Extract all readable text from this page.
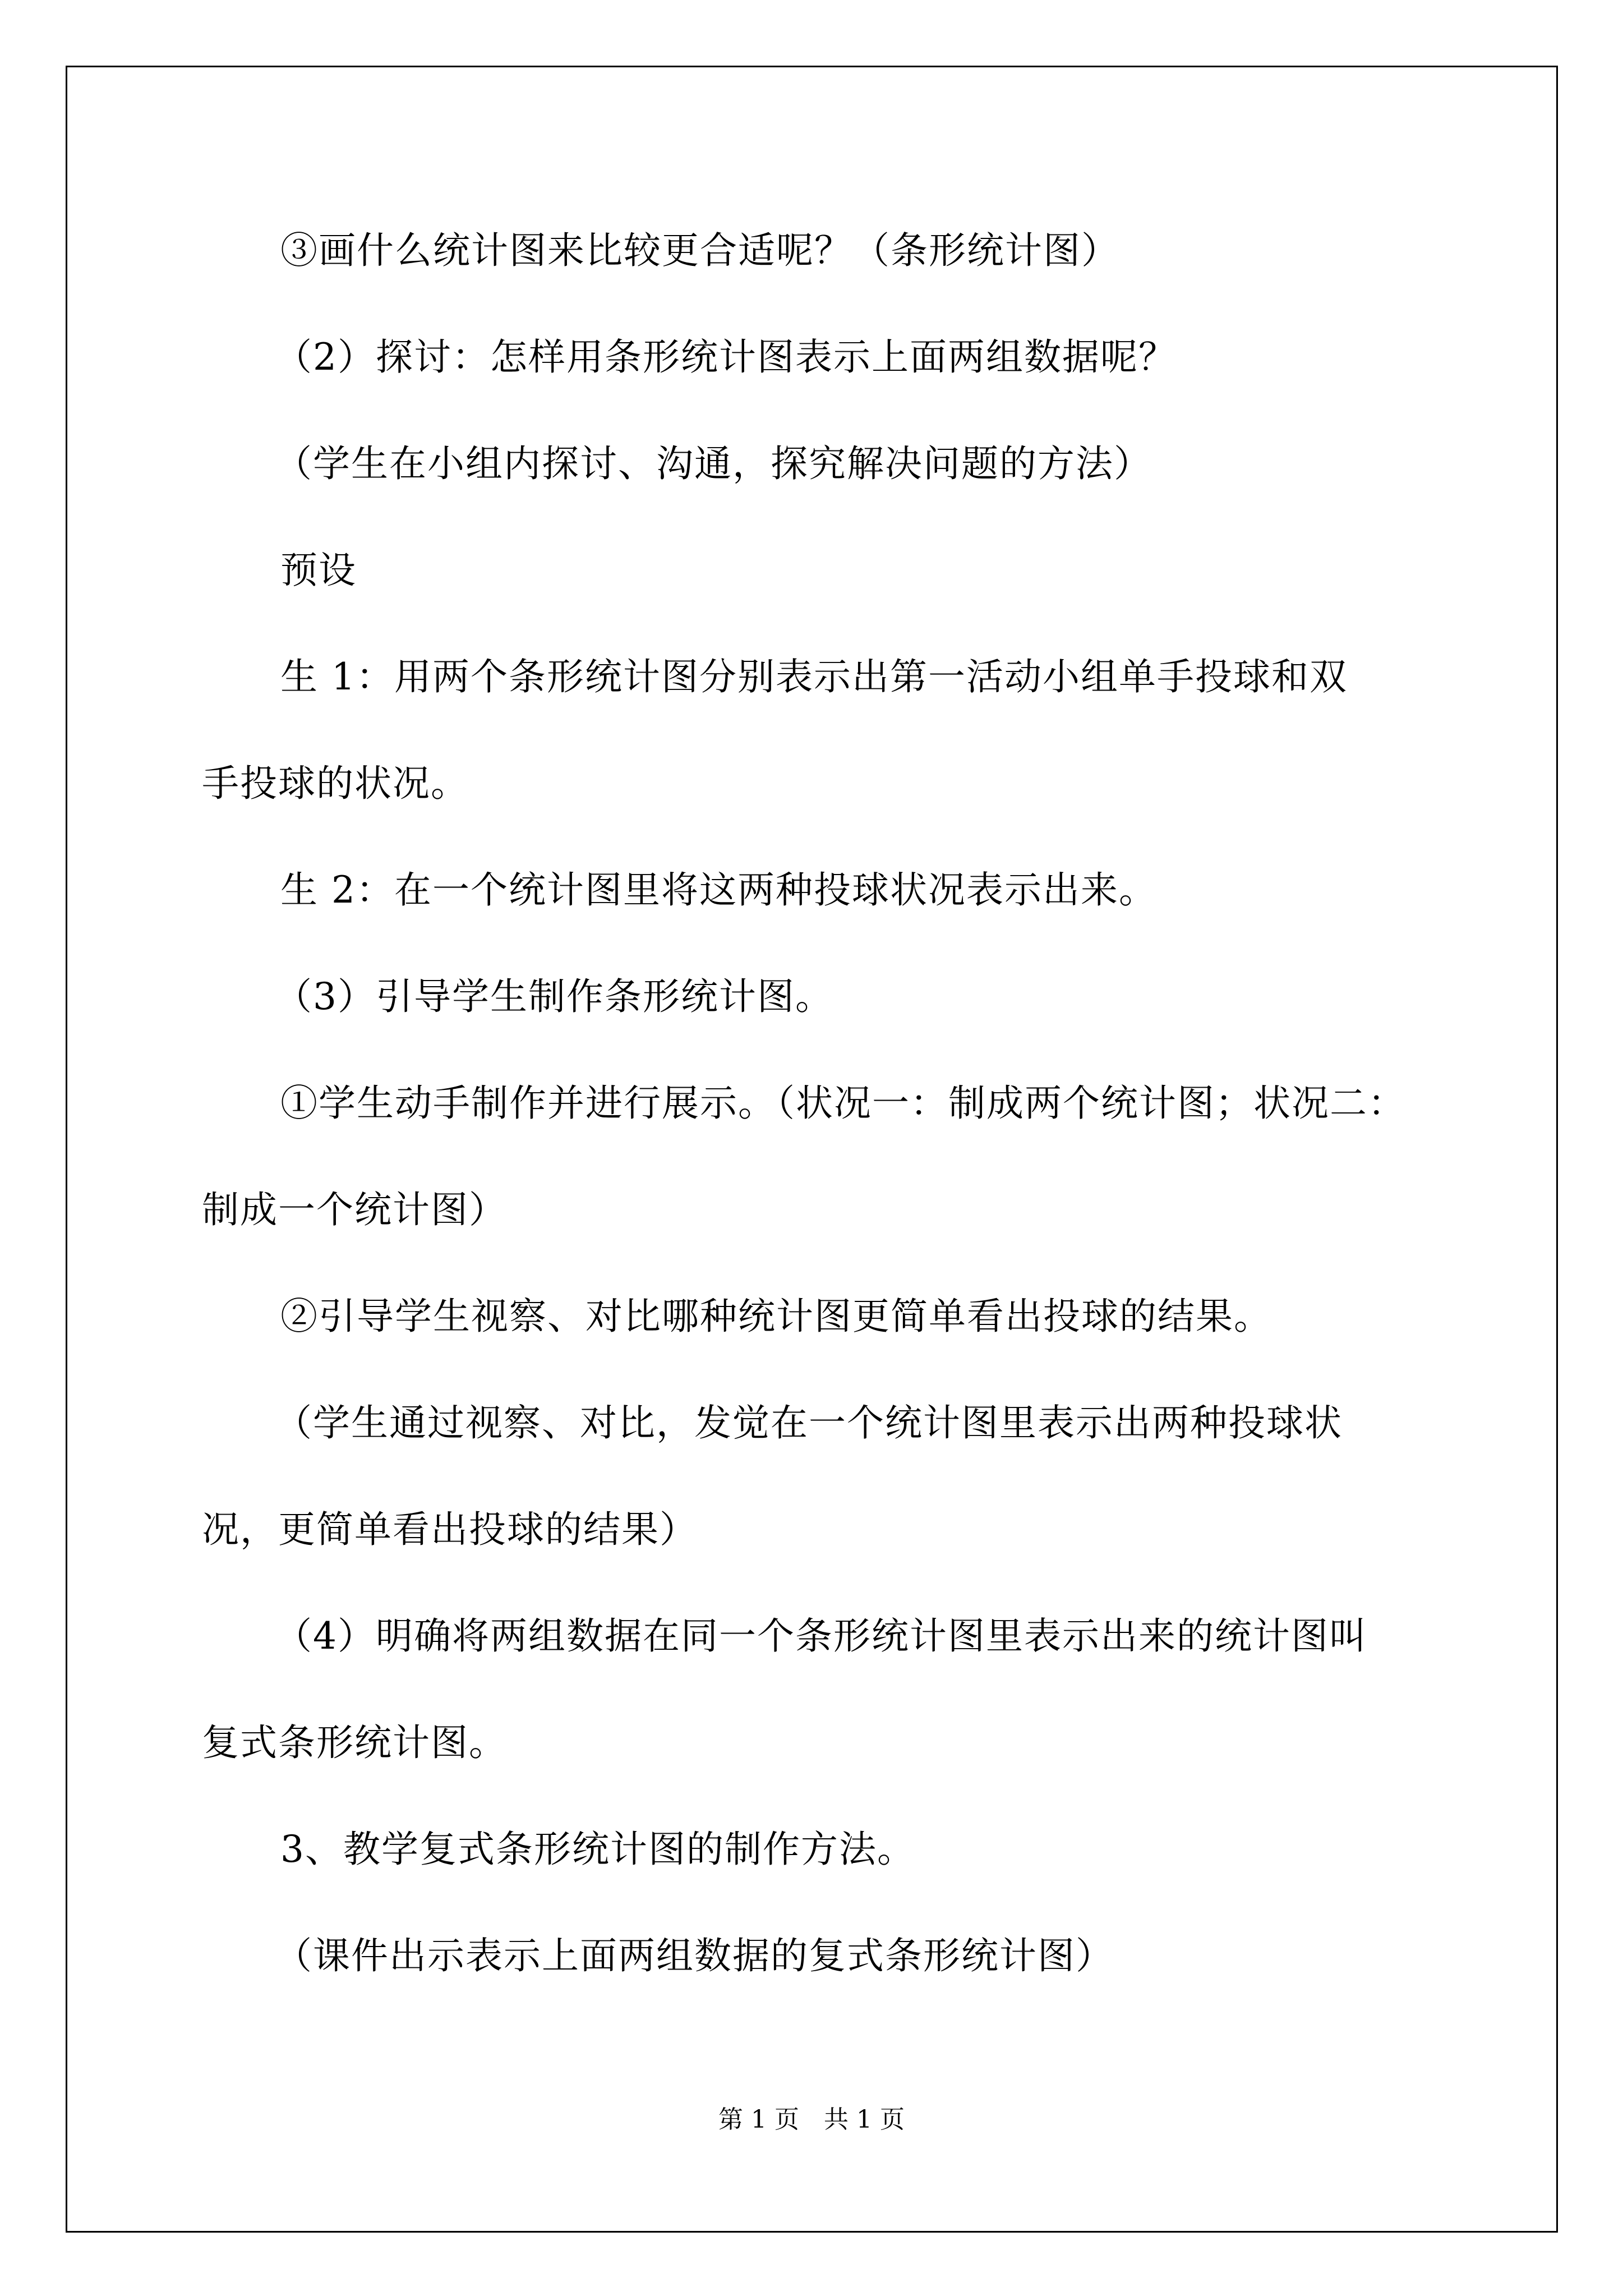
③画什么统计图来比较更合适呢？（条形统计图）
（2）探讨：怎样用条形统计图表示上面两组数据呢？
（学生在小组内探讨、沟通，探究解决问题的方法）
预设
生 1：用两个条形统计图分别表示出第一活动小组单手投球和双
手投球的状况。
生 2：在一个统计图里将这两种投球状况表示出来。
（3）引导学生制作条形统计图。
①学生动手制作并进行展示。（状况一：制成两个统计图；状况二：
制成一个统计图）
②引导学生视察、对比哪种统计图更简单看出投球的结果。
（学生通过视察、对比，发觉在一个统计图里表示出两种投球状
况，更简单看出投球的结果）
（4）明确将两组数据在同一个条形统计图里表示出来的统计图叫
复式条形统计图。
3、教学复式条形统计图的制作方法。
（课件出示表示上面两组数据的复式条形统计图）
第 1 页　共 1 页
